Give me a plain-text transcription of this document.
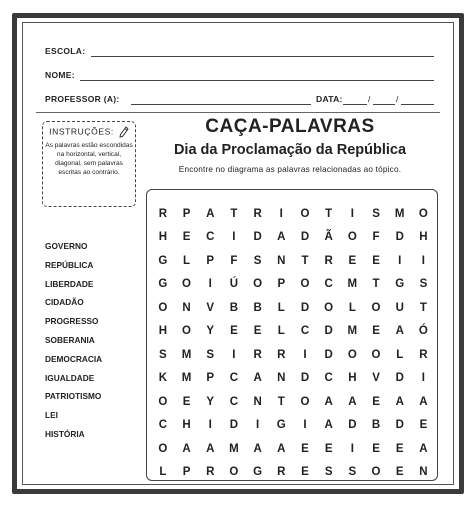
ESCOLA:
NOME:
PROFESSOR (A):	DATA:	/	/
INSTRUÇÕES:
As palavras estão escondidas na horizontal, vertical, diagonal, sem palavras escritas ao contrário.
CAÇA-PALAVRAS
Dia da Proclamação da República
Encontre no diagrama as palavras relacionadas ao tópico.
GOVERNO
REPÚBLICA
LIBERDADE
CIDADÃO
PROGRESSO
SOBERANIA
DEMOCRACIA
IGUALDADE
PATRIOTISMO
LEI
HISTÓRIA
R	P	A	T	R	I	O	T	I	S	M	O
H	E	C	I	D	A	D	Ã	O	F	D	H
G	L	P	F	S	N	T	R	E	E	I	I
G	O	I	Ú	O	P	O	C	M	T	G	S
O	N	V	B	B	L	D	O	L	O	U	T
H	O	Y	E	E	L	C	D	M	E	A	Ó
S	M	S	I	R	R	I	D	O	O	L	R
K	M	P	C	A	N	D	C	H	V	D	I
O	E	Y	C	N	T	O	A	A	E	A	A
C	H	I	D	I	G	I	A	D	B	D	E
O	A	A	M	A	A	E	E	I	E	E	A
L	P	R	O	G	R	E	S	S	O	E	N
